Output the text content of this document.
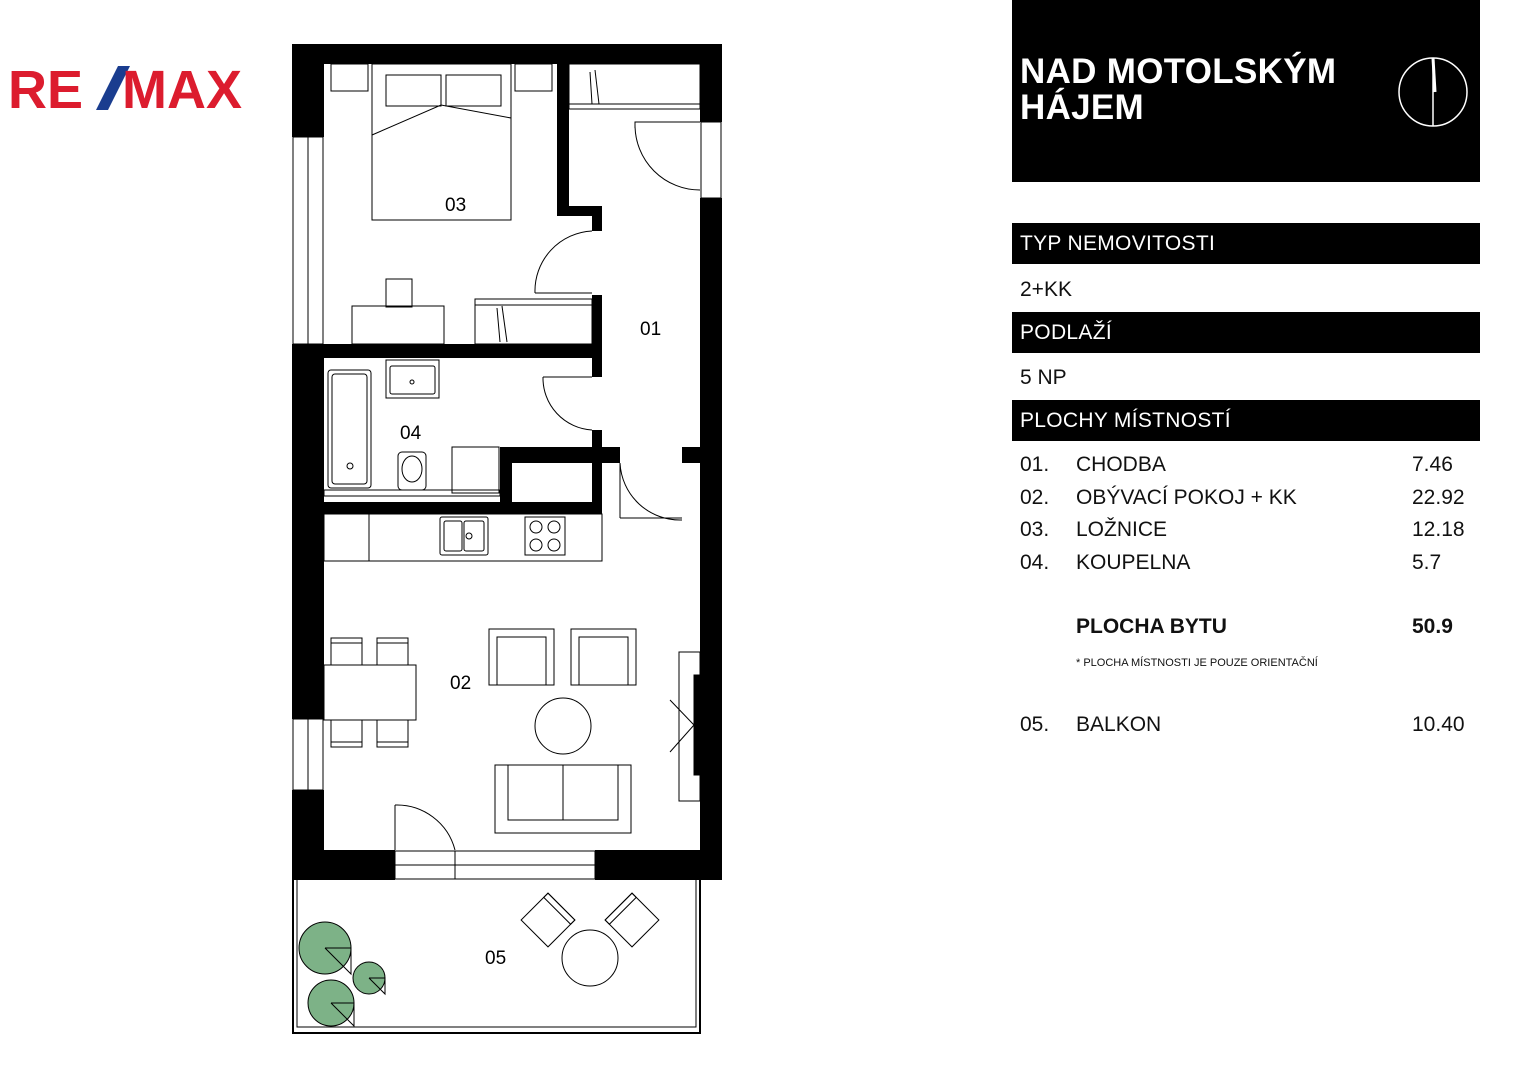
RE MAX
03
01
04
02
05
NAD MOTOLSKÝM
HÁJEM
TYP NEMOVITOSTI
2+KK
PODLAŽÍ
5 NP
PLOCHY MÍSTNOSTÍ
01. CHODBA	7.46
02. OBÝVACÍ POKOJ + KK	22.92
03. LOŽNICE	12.18
04. KOUPELNA	5.7
PLOCHA BYTU	50.9
* PLOCHA MÍSTNOSTI JE POUZE ORIENTAČNÍ
05. BALKON	10.40
